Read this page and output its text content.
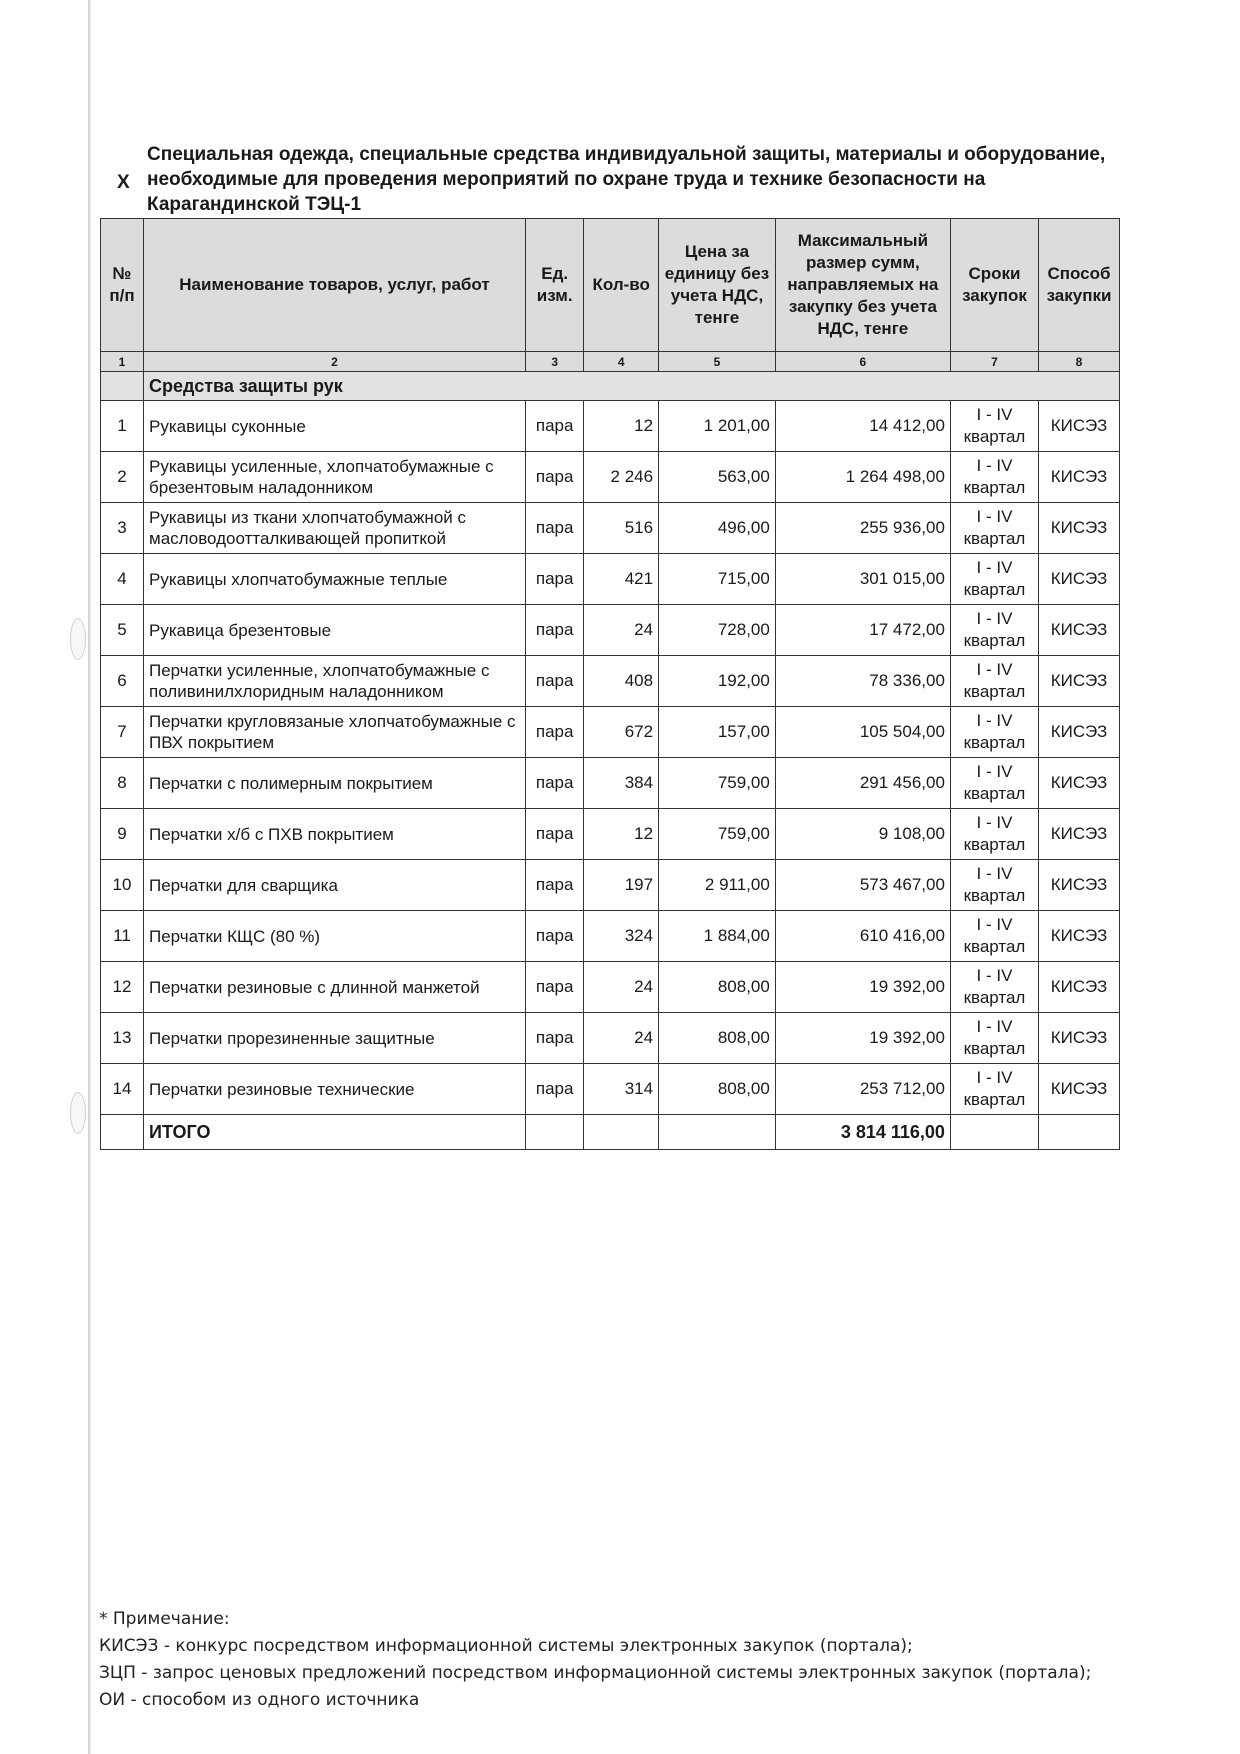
X
Специальная одежда, специальные средства индивидуальной защиты, материалы и оборудование, необходимые для проведения мероприятий по охране труда и технике безопасности на Карагандинской ТЭЦ-1
№ п/п	Наименование товаров, услуг, работ	Ед. изм.	Кол-во	Цена за единицу без учета НДС, тенге	Максимальный размер сумм, направляемых на закупку без учета НДС, тенге	Сроки закупок	Способ закупки
1	2	3	4	5	6	7	8
	Средства защиты рук						
1	Рукавицы суконные	пара	12	1 201,00	14 412,00	I - IV квартал	КИСЭЗ
2	Рукавицы усиленные, хлопчатобумажные с брезентовым наладонником	пара	2 246	563,00	1 264 498,00	I - IV квартал	КИСЭЗ
3	Рукавицы из ткани хлопчатобумажной с масловодоотталкивающей пропиткой	пара	516	496,00	255 936,00	I - IV квартал	КИСЭЗ
4	Рукавицы хлопчатобумажные теплые	пара	421	715,00	301 015,00	I - IV квартал	КИСЭЗ
5	Рукавица брезентовые	пара	24	728,00	17 472,00	I - IV квартал	КИСЭЗ
6	Перчатки усиленные, хлопчатобумажные с поливинилхлоридным наладонником	пара	408	192,00	78 336,00	I - IV квартал	КИСЭЗ
7	Перчатки кругловязаные хлопчатобумажные с ПВХ покрытием	пара	672	157,00	105 504,00	I - IV квартал	КИСЭЗ
8	Перчатки с полимерным покрытием	пара	384	759,00	291 456,00	I - IV квартал	КИСЭЗ
9	Перчатки х/б с ПХВ покрытием	пара	12	759,00	9 108,00	I - IV квартал	КИСЭЗ
10	Перчатки для сварщика	пара	197	2 911,00	573 467,00	I - IV квартал	КИСЭЗ
11	Перчатки КЩС (80 %)	пара	324	1 884,00	610 416,00	I - IV квартал	КИСЭЗ
12	Перчатки резиновые с длинной манжетой	пара	24	808,00	19 392,00	I - IV квартал	КИСЭЗ
13	Перчатки прорезиненные защитные	пара	24	808,00	19 392,00	I - IV квартал	КИСЭЗ
14	Перчатки резиновые технические	пара	314	808,00	253 712,00	I - IV квартал	КИСЭЗ
	ИТОГО				3 814 116,00		
* Примечание:
КИСЭЗ - конкурс посредством информационной системы электронных закупок (портала);
ЗЦП - запрос ценовых предложений посредством информационной системы электронных закупок (портала);
ОИ - способом из одного источника
